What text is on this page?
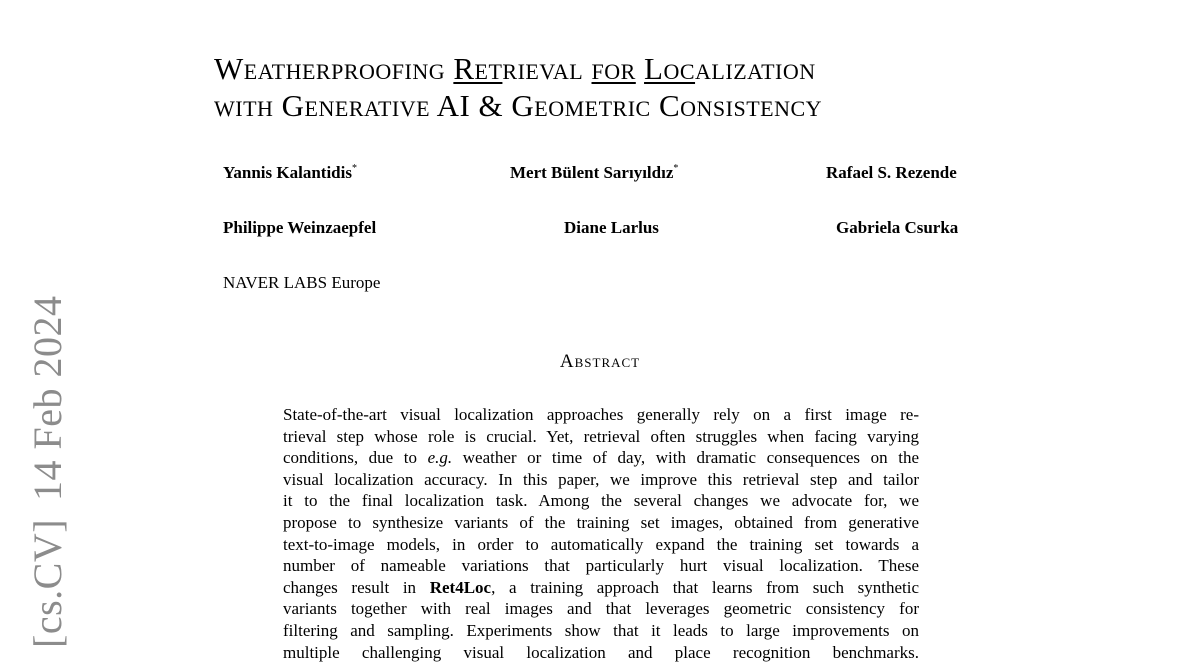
[cs.CV]14 Feb 2024
Weatherproofing Retrieval for Localization
with Generative AI & Geometric Consistency
Yannis Kalantidis*	Mert Bülent Sarıyıldız*	Rafael S. Rezende
Philippe Weinzaepfel	Diane Larlus	Gabriela Csurka
NAVER LABS Europe
Abstract
State-of-the-art visual localization approaches generally rely on a first image re-
trieval step whose role is crucial. Yet, retrieval often struggles when facing varying
conditions, due to e.g. weather or time of day, with dramatic consequences on the
visual localization accuracy. In this paper, we improve this retrieval step and tailor
it to the final localization task. Among the several changes we advocate for, we
propose to synthesize variants of the training set images, obtained from generative
text-to-image models, in order to automatically expand the training set towards a
number of nameable variations that particularly hurt visual localization. These
changes result in Ret4Loc, a training approach that learns from such synthetic
variants together with real images and that leverages geometric consistency for
filtering and sampling. Experiments show that it leads to large improvements on
multiple challenging visual localization and place recognition benchmarks.
